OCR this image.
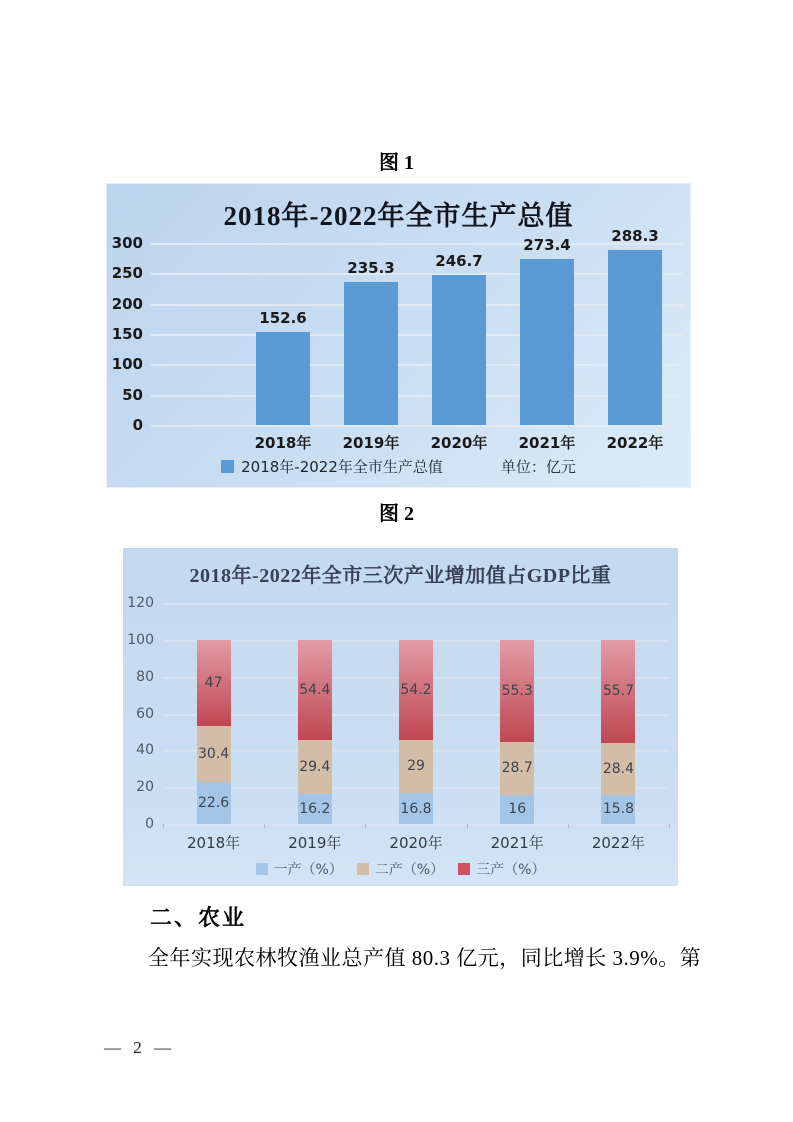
图 1
2018年-2022年全市生产总值
0
50
100
150
200
250
300
152.6
235.3	246.7
273.4
288.3
2018年	2019年	2020年	2021年	2022年
2018年-2022年全市生产总值	单位：亿元
图 2
2018年-2022年全市三次产业增加值占GDP比重
0
20
40
60
80
100
120
22.6
30.4
47
16.2
29.4
54.4
16.8
29
54.2
16
28.7
55.3
15.8
28.4
55.7
2018年	2019年	2020年	2021年	2022年
一产（%） 二产（%） 三产（%）
二、农业
全年实现农林牧渔业总产值 80.3 亿元，同比增长 3.9%。第
— 2 —
